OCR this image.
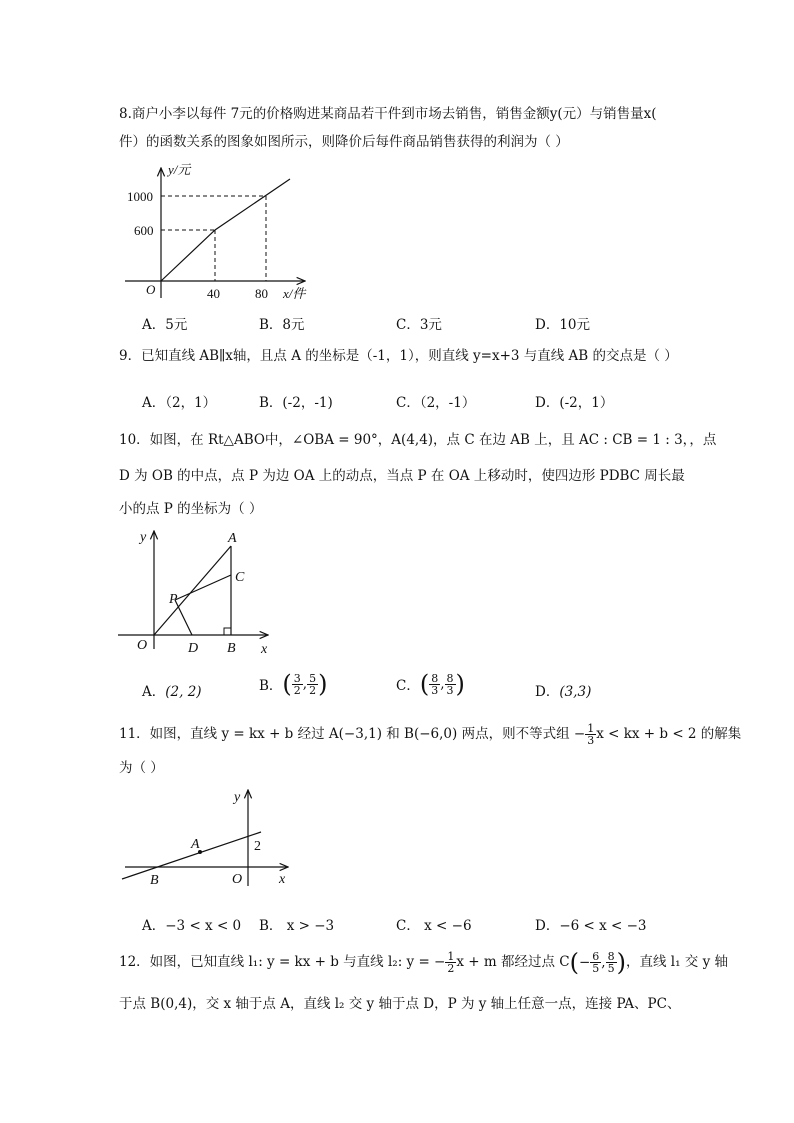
8.商户小李以每件 7元的价格购进某商品若干件到市场去销售，销售金额y(元）与销售量x(
件）的函数关系的图象如图所示，则降价后每件商品销售获得的利润为（ ）
y/元
x/件
O
1000
600
40	80
A．5元	B．8元	C．3元	D．10元
9．已知直线 AB∥x轴，且点 A 的坐标是（-1，1），则直线 y=x+3 与直线 AB 的交点是（ ）
A．（2，1）	B．(-2，-1)	C．（2，-1）	D．(-2，1）
10．如图，在 Rt△ABO中，∠OBA = 90°，A(4,4)，点 C 在边 AB 上，且 AC : CB = 1 : 3，，点
D 为 OB 的中点，点 P 为边 OA 上的动点，当点 P 在 OA 上移动时，使四边形 PDBC 周长最
小的点 P 的坐标为（ ）
y
x
O
A
C
P
D B
A．(2, 2)	B．( $\frac{3}{2}$ , $\frac{5}{2}$ )	C．( $\frac{8}{3}$ , $\frac{8}{3}$ )	D．(3,3)
11．如图，直线 y = kx + b 经过 A(−3,1) 和 B(−6,0) 两点，则不等式组 − $\frac{1}{3}$ x < kx + b < 2 的解集
为（ ）
y
x
O
A
B
2
A．−3 < x < 0 B． x > −3	C． x < −6	D．−6 < x < −3
12．如图，已知直线 l₁: y = kx + b 与直线 l₂: y = − $\frac{1}{2}$ x + m 都经过点 $C(- \frac{6}{5}$ , $\frac{8}{5}$ )，直线 l₁ 交 y 轴
于点 B(0,4)，交 x 轴于点 A，直线 l₂ 交 y 轴于点 D，P 为 y 轴上任意一点，连接 PA、PC、
